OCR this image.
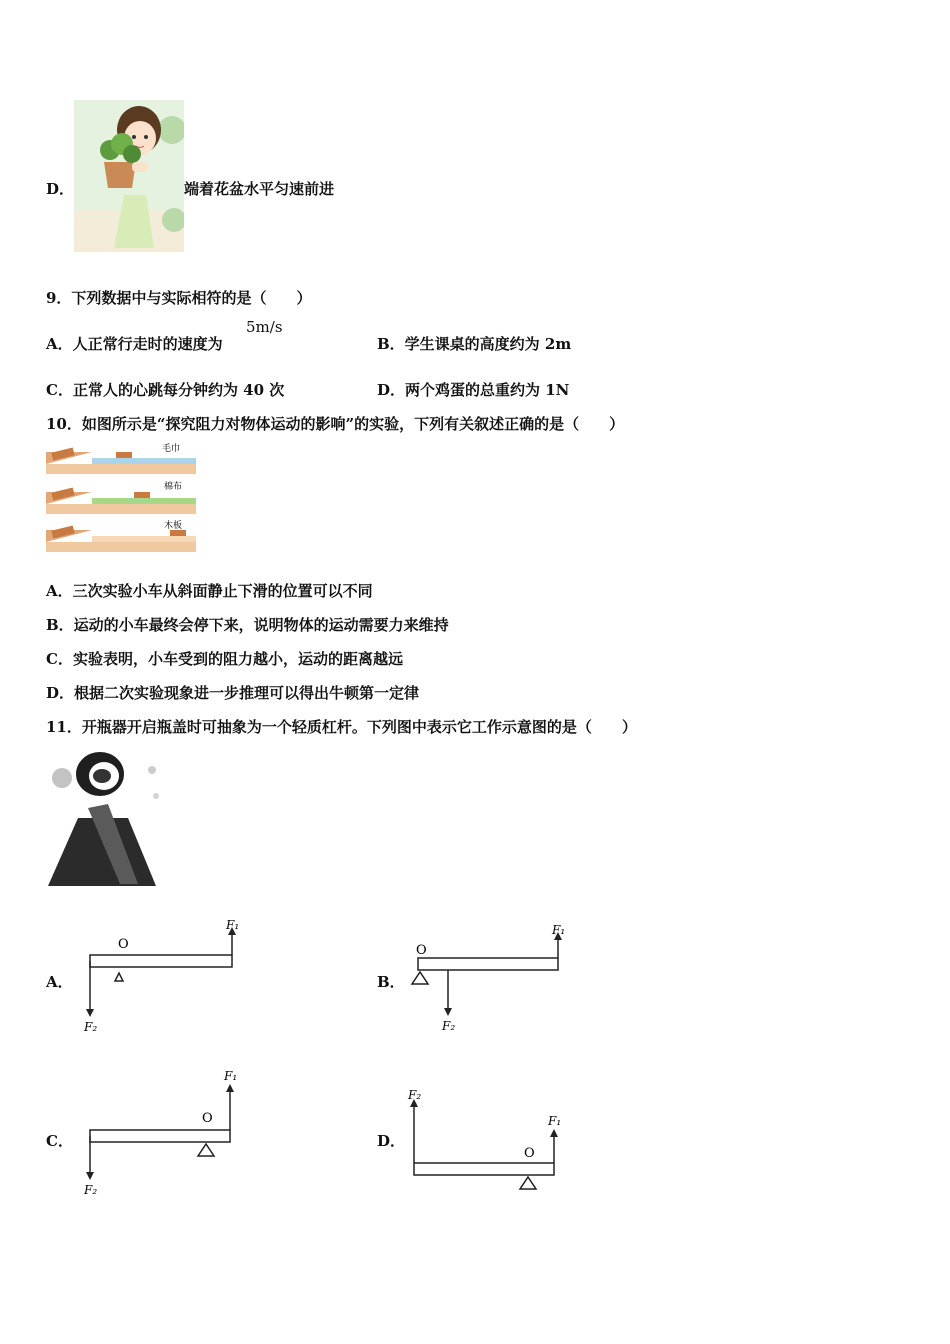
D．	端着花盆水平匀速前进
9．下列数据中与实际相符的是（　　）
A．人正常行走时的速度为
5m/s
B．学生课桌的高度约为 2m
C．正常人的心跳每分钟约为 40 次	D．两个鸡蛋的总重约为 1N
10．如图所示是“探究阻力对物体运动的影响”的实验，下列有关叙述正确的是（　　）
毛巾
棉布
木板
A．三次实验小车从斜面静止下滑的位置可以不同
B．运动的小车最终会停下来，说明物体的运动需要力来维持
C．实验表明，小车受到的阻力越小，运动的距离越远
D．根据二次实验现象进一步推理可以得出牛顿第一定律
11．开瓶器开启瓶盖时可抽象为一个轻质杠杆。下列图中表示它工作示意图的是（　　）
A．
O
F₁
F₂
B．
O
F₁
F₂
C．
O
F₁
F₂
D．
O
F₁
F₂
